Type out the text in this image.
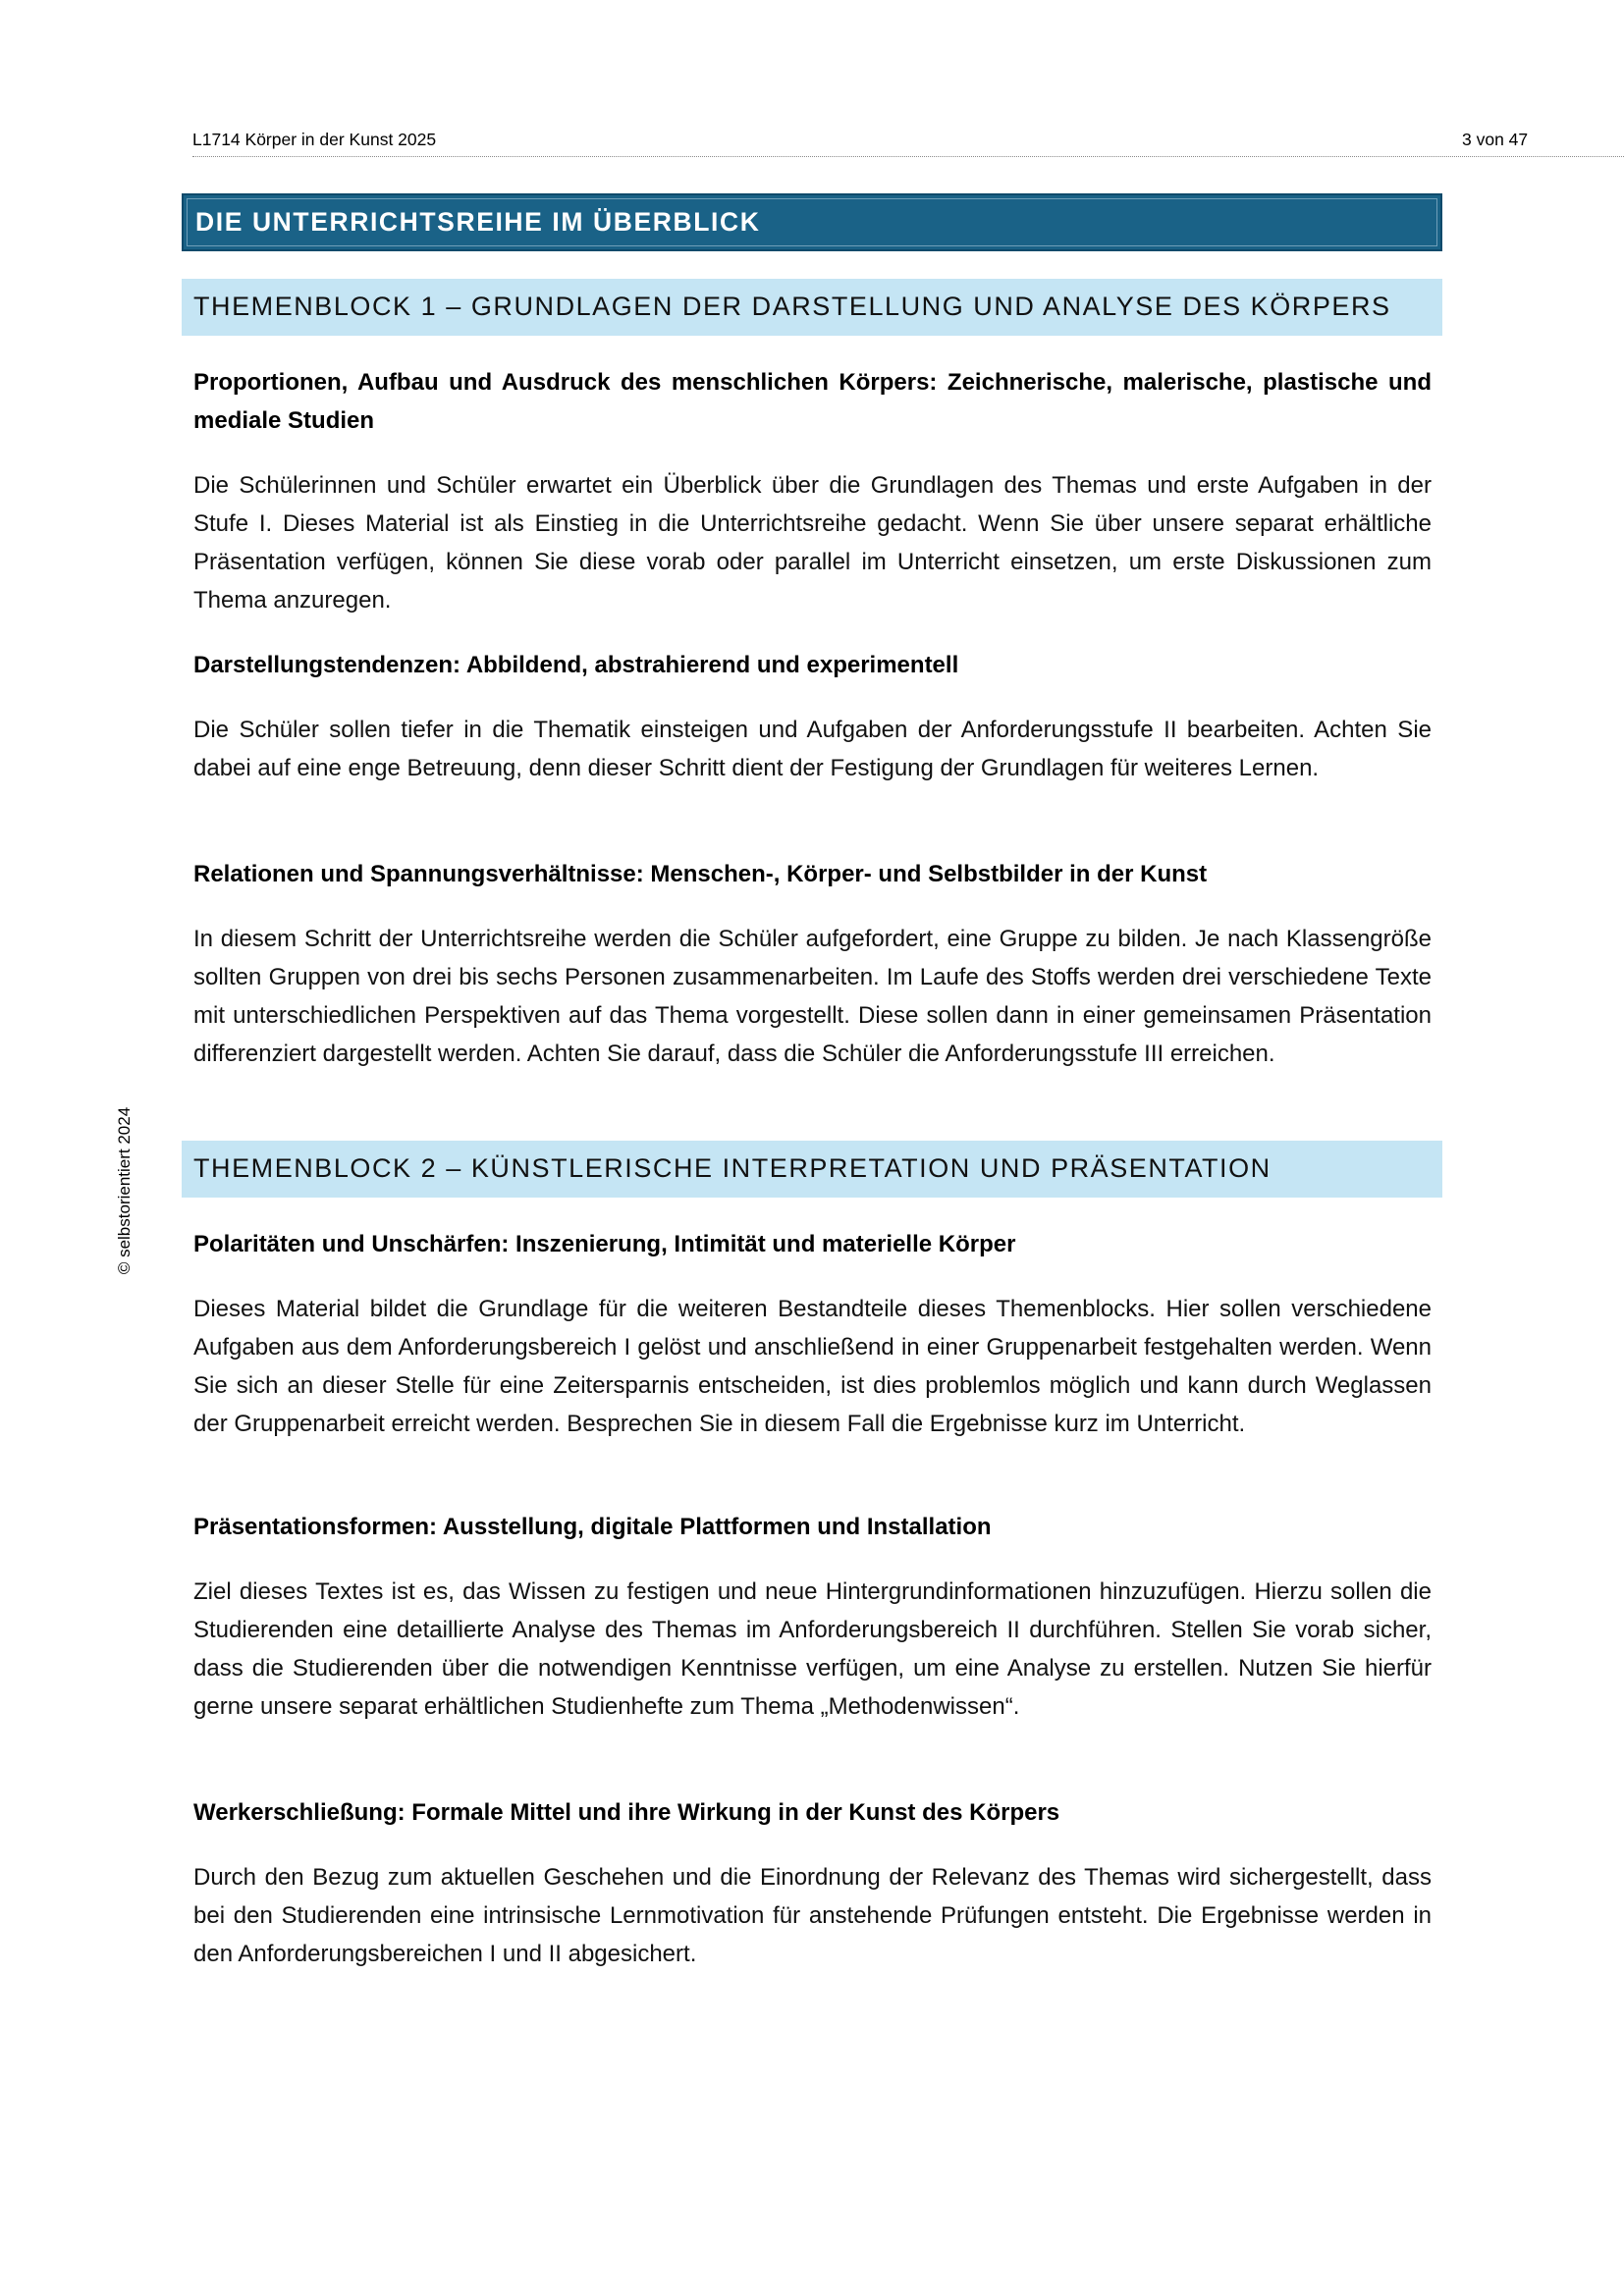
L1714 Körper in der Kunst 2025	3 von 47
© selbstorientiert 2024
DIE UNTERRICHTSREIHE IM ÜBERBLICK
THEMENBLOCK 1 – GRUNDLAGEN DER DARSTELLUNG UND ANALYSE DES KÖRPERS

Proportionen, Aufbau und Ausdruck des menschlichen Körpers: Zeichnerische, malerische, plastische und mediale Studien

Die Schülerinnen und Schüler erwartet ein Überblick über die Grundlagen des Themas und erste Aufgaben in der Stufe I. Dieses Material ist als Einstieg in die Unterrichtsreihe gedacht. Wenn Sie über unsere separat erhältliche Präsentation verfügen, können Sie diese vorab oder parallel im Unterricht einsetzen, um erste Diskussionen zum Thema anzuregen.

Darstellungstendenzen: Abbildend, abstrahierend und experimentell

Die Schüler sollen tiefer in die Thematik einsteigen und Aufgaben der Anforderungsstufe II bearbeiten. Achten Sie dabei auf eine enge Betreuung, denn dieser Schritt dient der Festigung der Grundlagen für weiteres Lernen.

Relationen und Spannungsverhältnisse: Menschen-, Körper- und Selbstbilder in der Kunst

In diesem Schritt der Unterrichtsreihe werden die Schüler aufgefordert, eine Gruppe zu bilden. Je nach Klassengröße sollten Gruppen von drei bis sechs Personen zusammenarbeiten. Im Laufe des Stoffs werden drei verschiedene Texte mit unterschiedlichen Perspektiven auf das Thema vorgestellt. Diese sollen dann in einer gemeinsamen Präsentation differenziert dargestellt werden. Achten Sie darauf, dass die Schüler die Anforderungsstufe III erreichen.

THEMENBLOCK 2 – KÜNSTLERISCHE INTERPRETATION UND PRÄSENTATION

Polaritäten und Unschärfen: Inszenierung, Intimität und materielle Körper

Dieses Material bildet die Grundlage für die weiteren Bestandteile dieses Themenblocks. Hier sollen verschiedene Aufgaben aus dem Anforderungsbereich I gelöst und anschließend in einer Gruppenarbeit festgehalten werden. Wenn Sie sich an dieser Stelle für eine Zeitersparnis entscheiden, ist dies problemlos möglich und kann durch Weglassen der Gruppenarbeit erreicht werden. Besprechen Sie in diesem Fall die Ergebnisse kurz im Unterricht.

Präsentationsformen: Ausstellung, digitale Plattformen und Installation

Ziel dieses Textes ist es, das Wissen zu festigen und neue Hintergrundinformationen hinzuzufügen. Hierzu sollen die Studierenden eine detaillierte Analyse des Themas im Anforderungsbereich II durchführen. Stellen Sie vorab sicher, dass die Studierenden über die notwendigen Kenntnisse verfügen, um eine Analyse zu erstellen. Nutzen Sie hierfür gerne unsere separat erhältlichen Studienhefte zum Thema „Methodenwissen“.

Werkerschließung: Formale Mittel und ihre Wirkung in der Kunst des Körpers

Durch den Bezug zum aktuellen Geschehen und die Einordnung der Relevanz des Themas wird sichergestellt, dass bei den Studierenden eine intrinsische Lernmotivation für anstehende Prüfungen entsteht. Die Ergebnisse werden in den Anforderungsbereichen I und II abgesichert.
